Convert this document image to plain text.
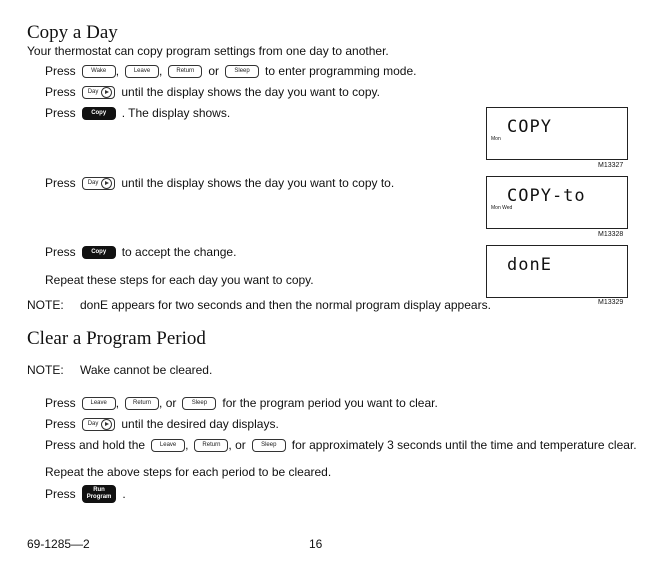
Copy a Day
Your thermostat can copy program settings from one day to another.
Press	Wake ,	Leave ,	Return	or	Sleep	to enter programming mode.
Press Day until the display shows the day you want to copy.
Press	Copy	. The display shows.
Press Day until the display shows the day you want to copy to.
Press	Copy	to accept the change.
Repeat these steps for each day you want to copy.
NOTE: donE appears for two seconds and then the normal program display appears.
COPY
Mon
M13327
COPY-to
Mon Wed
M13328
donE
M13329
Clear a Program Period
NOTE: Wake cannot be cleared.
Press	Leave ,	Return , or	Sleep	for the program period you want to clear.
Press Day until the desired day displays.
Press and hold the	Leave ,	Return , or	Sleep	for approximately 3 seconds until the time and temperature clear.
Repeat the above steps for each period to be cleared.
Press	Run
Program .
69-1285—2	16
